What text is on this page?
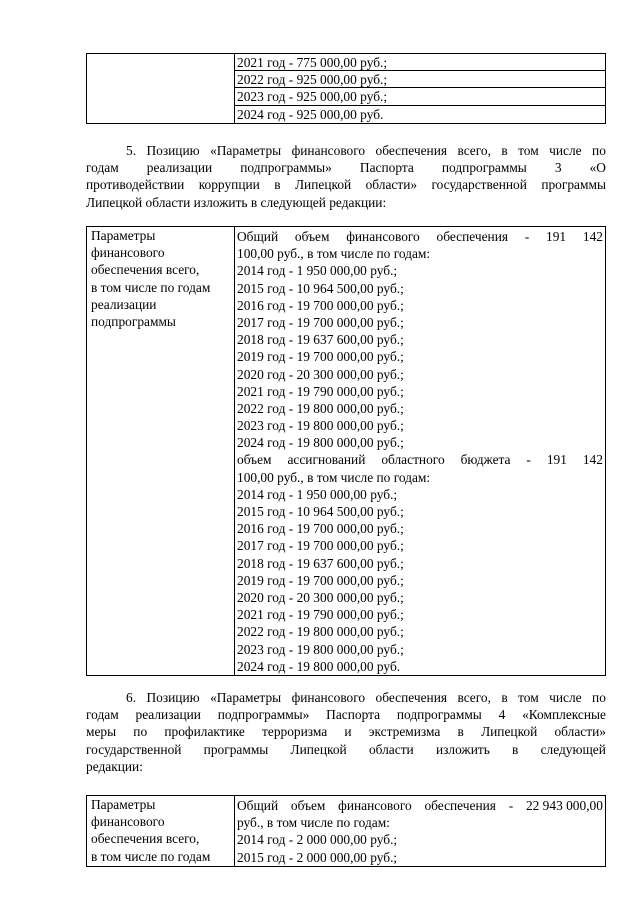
2021 год - 775 000,00 руб.;
2022 год - 925 000,00 руб.;
2023 год - 925 000,00 руб.;
2024 год - 925 000,00 руб.

5. Позицию «Параметры финансового обеспечения всего, в том числе по

годам реализации подпрограммы» Паспорта подпрограммы 3 «О

противодействии коррупции в Липецкой области» государственной программы

Липецкой области изложить в следующей редакции:

Параметры
финансового
обеспечения всего,
в том числе по годам
реализации
подпрограммы
Общий объем финансового обеспечения - 191 142
100,00 руб., в том числе по годам:
2014 год - 1 950 000,00 руб.;
2015 год - 10 964 500,00 руб.;
2016 год - 19 700 000,00 руб.;
2017 год - 19 700 000,00 руб.;
2018 год - 19 637 600,00 руб.;
2019 год - 19 700 000,00 руб.;
2020 год - 20 300 000,00 руб.;
2021 год - 19 790 000,00 руб.;
2022 год - 19 800 000,00 руб.;
2023 год - 19 800 000,00 руб.;
2024 год - 19 800 000,00 руб.;
объем ассигнований областного бюджета - 191 142
100,00 руб., в том числе по годам:
2014 год - 1 950 000,00 руб.;
2015 год - 10 964 500,00 руб.;
2016 год - 19 700 000,00 руб.;
2017 год - 19 700 000,00 руб.;
2018 год - 19 637 600,00 руб.;
2019 год - 19 700 000,00 руб.;
2020 год - 20 300 000,00 руб.;
2021 год - 19 790 000,00 руб.;
2022 год - 19 800 000,00 руб.;
2023 год - 19 800 000,00 руб.;
2024 год - 19 800 000,00 руб.

6. Позицию «Параметры финансового обеспечения всего, в том числе по

годам реализации подпрограммы» Паспорта подпрограммы 4 «Комплексные

меры по профилактике терроризма и экстремизма в Липецкой области»

государственной программы Липецкой области изложить в следующей

редакции:

Параметры
финансового
обеспечения всего,
в том числе по годам
Общий объем финансового обеспечения - 22 943 000,00
руб., в том числе по годам:
2014 год - 2 000 000,00 руб.;
2015 год - 2 000 000,00 руб.;
